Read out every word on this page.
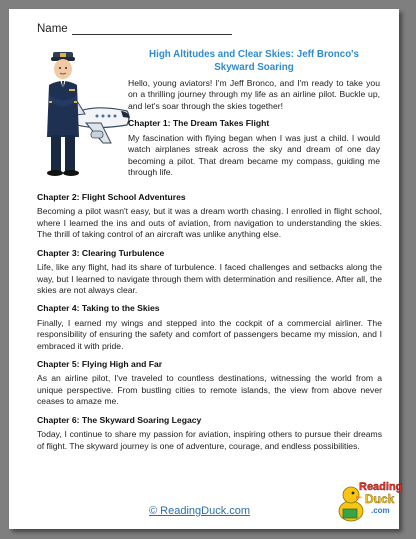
Name
High Altitudes and Clear Skies: Jeff Bronco's Skyward Soaring

Hello, young aviators! I'm Jeff Bronco, and I'm ready to take you on a thrilling journey through my life as an airline pilot. Buckle up, and let's soar through the skies together!

Chapter 1: The Dream Takes Flight

My fascination with flying began when I was just a child. I would watch airplanes streak across the sky and dream of one day becoming a pilot. That dream became my compass, guiding me through life.

Chapter 2: Flight School Adventures

Becoming a pilot wasn't easy, but it was a dream worth chasing. I enrolled in flight school, where I learned the ins and outs of aviation, from navigation to understanding the skies. The thrill of taking control of an aircraft was unlike anything else.

Chapter 3: Clearing Turbulence

Life, like any flight, had its share of turbulence. I faced challenges and setbacks along the way, but I learned to navigate through them with determination and resilience. After all, the skies are not always clear.

Chapter 4: Taking to the Skies

Finally, I earned my wings and stepped into the cockpit of a commercial airliner. The responsibility of ensuring the safety and comfort of passengers became my mission, and I embraced it with pride.

Chapter 5: Flying High and Far

As an airline pilot, I've traveled to countless destinations, witnessing the world from a unique perspective. From bustling cities to remote islands, the view from above never ceases to amaze me.

Chapter 6: The Skyward Soaring Legacy

Today, I continue to share my passion for aviation, inspiring others to pursue their dreams of flight. The skyward journey is one of adventure, courage, and endless possibilities.

© ReadingDuck.com
Reading
Duck
.com
